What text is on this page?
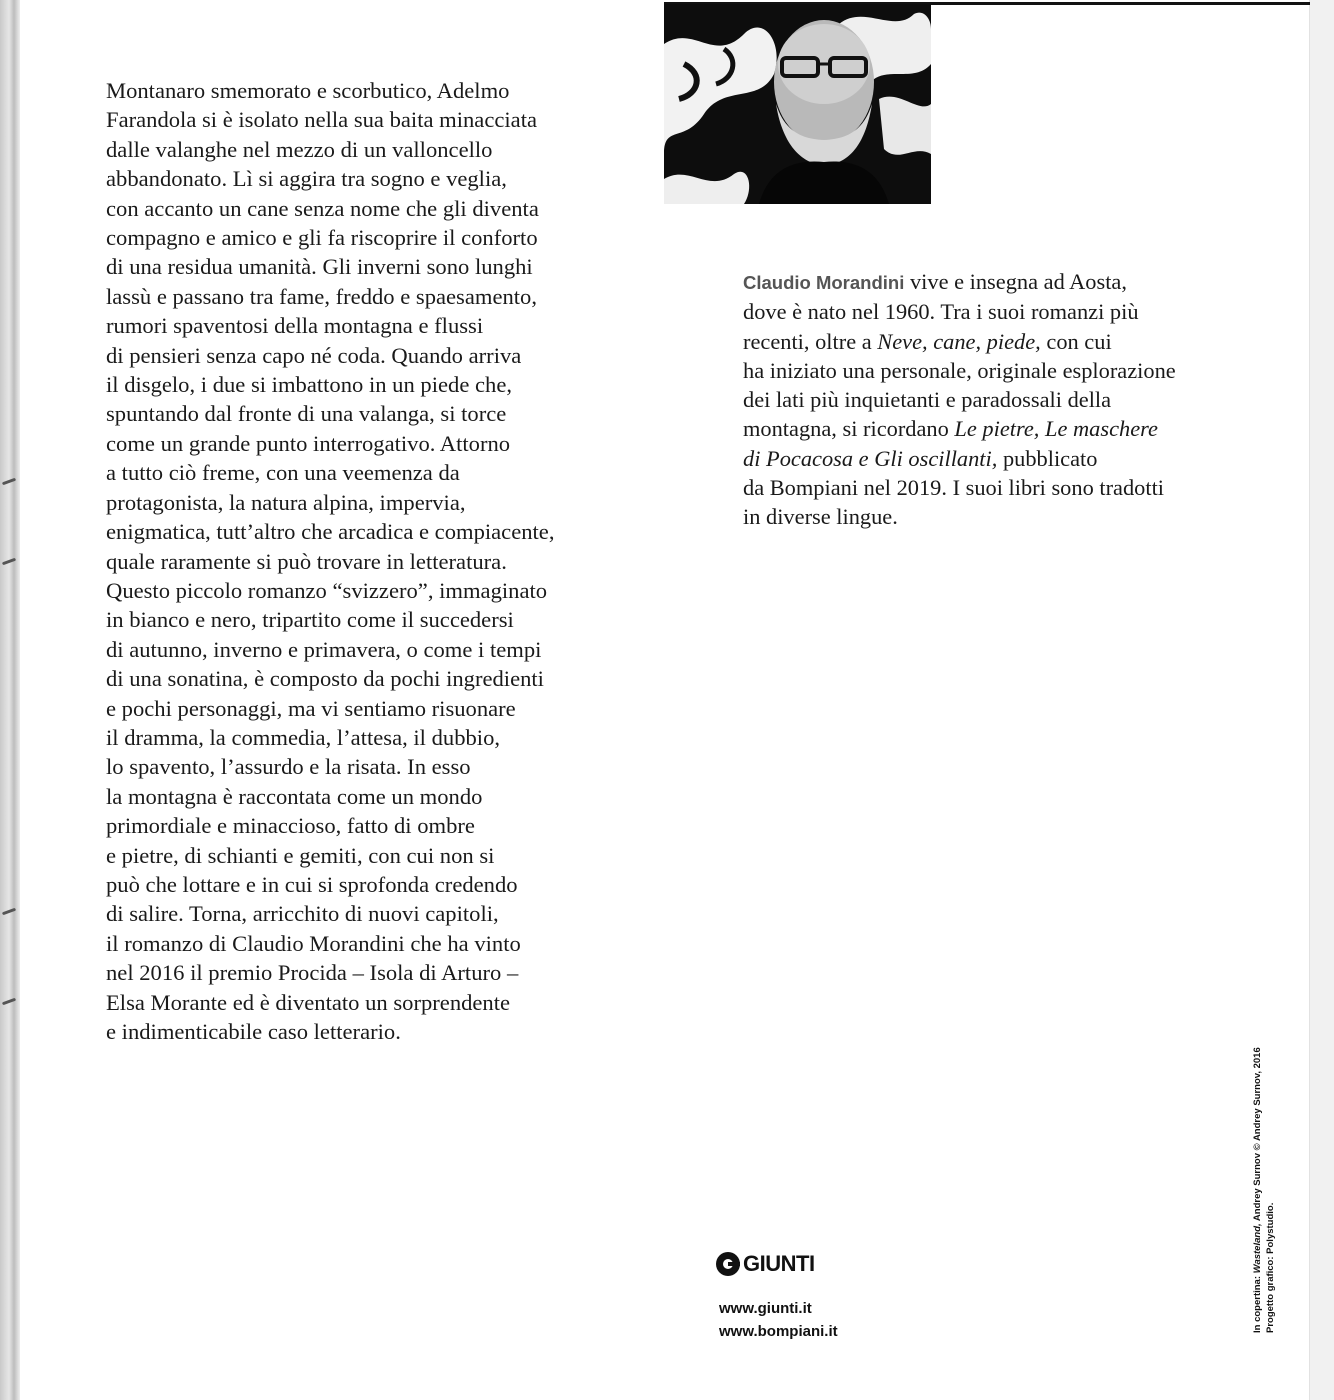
Montanaro smemorato e scorbutico, Adelmo
Farandola si è isolato nella sua baita minacciata
dalle valanghe nel mezzo di un valloncello
abbandonato. Lì si aggira tra sogno e veglia,
con accanto un cane senza nome che gli diventa
compagno e amico e gli fa riscoprire il conforto
di una residua umanità. Gli inverni sono lunghi
lassù e passano tra fame, freddo e spaesamento,
rumori spaventosi della montagna e flussi
di pensieri senza capo né coda. Quando arriva
il disgelo, i due si imbattono in un piede che,
spuntando dal fronte di una valanga, si torce
come un grande punto interrogativo. Attorno
a tutto ciò freme, con una veemenza da
protagonista, la natura alpina, impervia,
enigmatica, tutt’altro che arcadica e compiacente,
quale raramente si può trovare in letteratura.
Questo piccolo romanzo “svizzero”, immaginato
in bianco e nero, tripartito come il succedersi
di autunno, inverno e primavera, o come i tempi
di una sonatina, è composto da pochi ingredienti
e pochi personaggi, ma vi sentiamo risuonare
il dramma, la commedia, l’attesa, il dubbio,
lo spavento, l’assurdo e la risata. In esso
la montagna è raccontata come un mondo
primordiale e minaccioso, fatto di ombre
e pietre, di schianti e gemiti, con cui non si
può che lottare e in cui si sprofonda credendo
di salire. Torna, arricchito di nuovi capitoli,
il romanzo di Claudio Morandini che ha vinto
nel 2016 il premio Procida – Isola di Arturo –
Elsa Morante ed è diventato un sorprendente
e indimenticabile caso letterario.
Claudio Morandini vive e insegna ad Aosta,
dove è nato nel 1960. Tra i suoi romanzi più
recenti, oltre a Neve, cane, piede, con cui
ha iniziato una personale, originale esplorazione
dei lati più inquietanti e paradossali della
montagna, si ricordano Le pietre, Le maschere
di Pocacosa e Gli oscillanti, pubblicato
da Bompiani nel 2019. I suoi libri sono tradotti
in diverse lingue.
GIUNTI
www.giunti.it
www.bompiani.it	In copertina: Wasteland, Andrey Surnov © Andrey Surnov, 2016
Progetto grafico: Polystudio.
